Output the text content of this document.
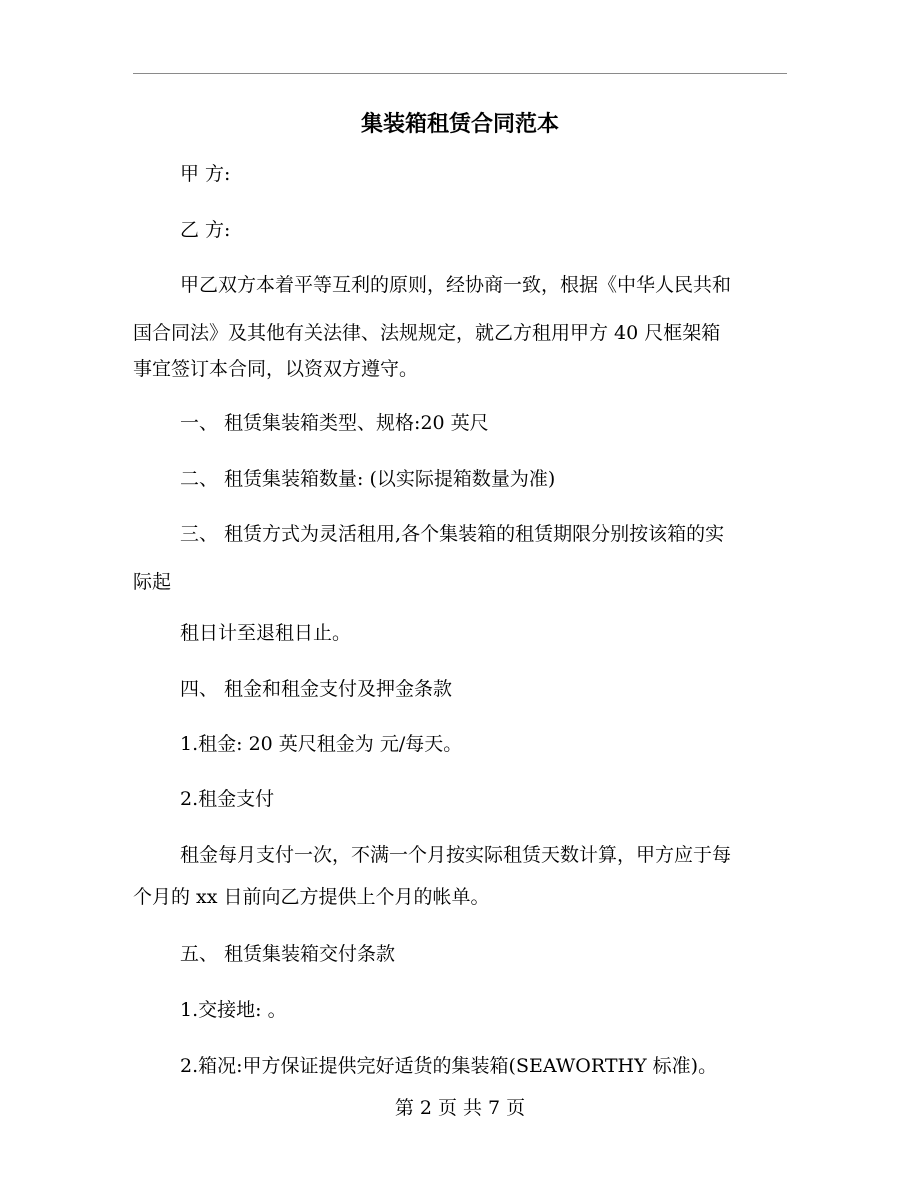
集装箱租赁合同范本
甲 方:
乙 方:
甲乙双方本着平等互利的原则，经协商一致，根据《中华人民共和
国合同法》及其他有关法律、法规规定，就乙方租用甲方 40 尺框架箱
事宜签订本合同，以资双方遵守。
一、 租赁集装箱类型、规格:20 英尺
二、 租赁集装箱数量: (以实际提箱数量为准)
三、 租赁方式为灵活租用,各个集装箱的租赁期限分别按该箱的实
际起
租日计至退租日止。
四、 租金和租金支付及押金条款
1.租金: 20 英尺租金为 元/每天。
2.租金支付
租金每月支付一次，不满一个月按实际租赁天数计算，甲方应于每
个月的 xx 日前向乙方提供上个月的帐单。
五、 租赁集装箱交付条款
1.交接地: 。
2.箱况:甲方保证提供完好适货的集装箱(SEAWORTHY 标准)。
第 2 页 共 7 页
